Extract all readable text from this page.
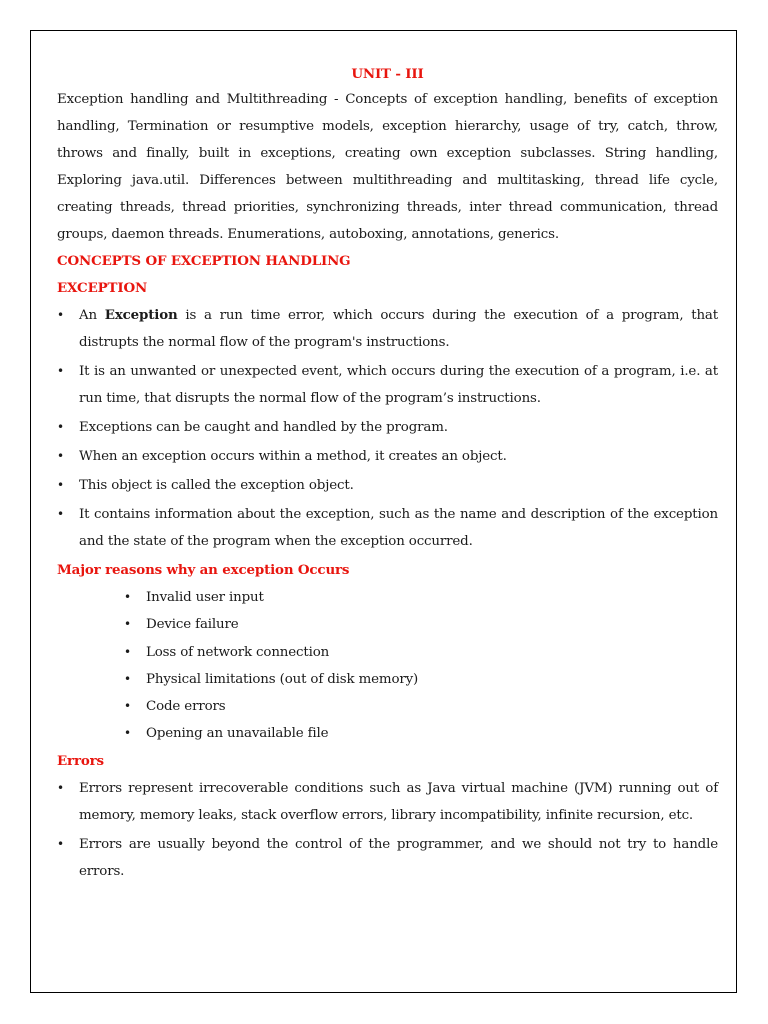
UNIT - III

Exception handling and Multithreading - Concepts of exception handling, benefits of exception handling, Termination or resumptive models, exception hierarchy, usage of try, catch, throw, throws and finally, built in exceptions, creating own exception subclasses. String handling, Exploring java.util. Differences between multithreading and multitasking, thread life cycle, creating threads, thread priorities, synchronizing threads, inter thread communication, thread groups, daemon threads. Enumerations, autoboxing, annotations, generics.

CONCEPTS OF EXCEPTION HANDLING

EXCEPTION

•	An Exception is a run time error, which occurs during the execution of a program, that distrupts the normal flow of the program's instructions.
•	It is an unwanted or unexpected event, which occurs during the execution of a program, i.e. at run time, that disrupts the normal flow of the program’s instructions.
•	Exceptions can be caught and handled by the program.
•	When an exception occurs within a method, it creates an object.
•	This object is called the exception object.
•	It contains information about the exception, such as the name and description of the exception and the state of the program when the exception occurred.

Major reasons why an exception Occurs

• Invalid user input
• Device failure
• Loss of network connection
• Physical limitations (out of disk memory)
• Code errors
• Opening an unavailable file

Errors

•	Errors represent irrecoverable conditions such as Java virtual machine (JVM) running out of memory, memory leaks, stack overflow errors, library incompatibility, infinite recursion, etc.
•	Errors are usually beyond the control of the programmer, and we should not try to handle errors.
